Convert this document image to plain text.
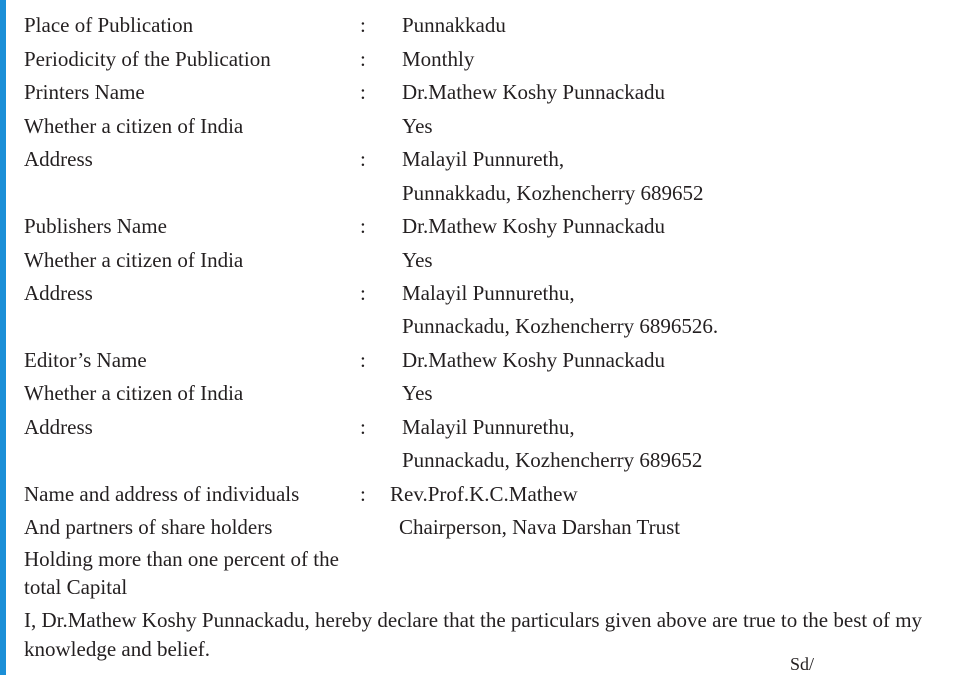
Place of Publication	: Punnakkadu
Periodicity of the Publication	: Monthly
Printers Name	: Dr.Mathew Koshy Punnackadu
Whether a citizen of India	Yes
Address	: Malayil Punnureth,
Punnakkadu, Kozhencherry 689652
Publishers Name	: Dr.Mathew Koshy Punnackadu
Whether a citizen of India	Yes
Address	: Malayil Punnurethu,
Punnackadu, Kozhencherry 6896526.
Editor’s Name	: Dr.Mathew Koshy Punnackadu
Whether a citizen of India	Yes
Address	: Malayil Punnurethu,
Punnackadu, Kozhencherry 689652
Name and address of individuals	: Rev.Prof.K.C.Mathew
And partners of share holders	Chairperson, Nava Darshan Trust
Holding more than one percent of the
total Capital
I, Dr.Mathew Koshy Punnackadu, hereby declare that the particulars given above are true to the best of my knowledge and belief.
Sd/
